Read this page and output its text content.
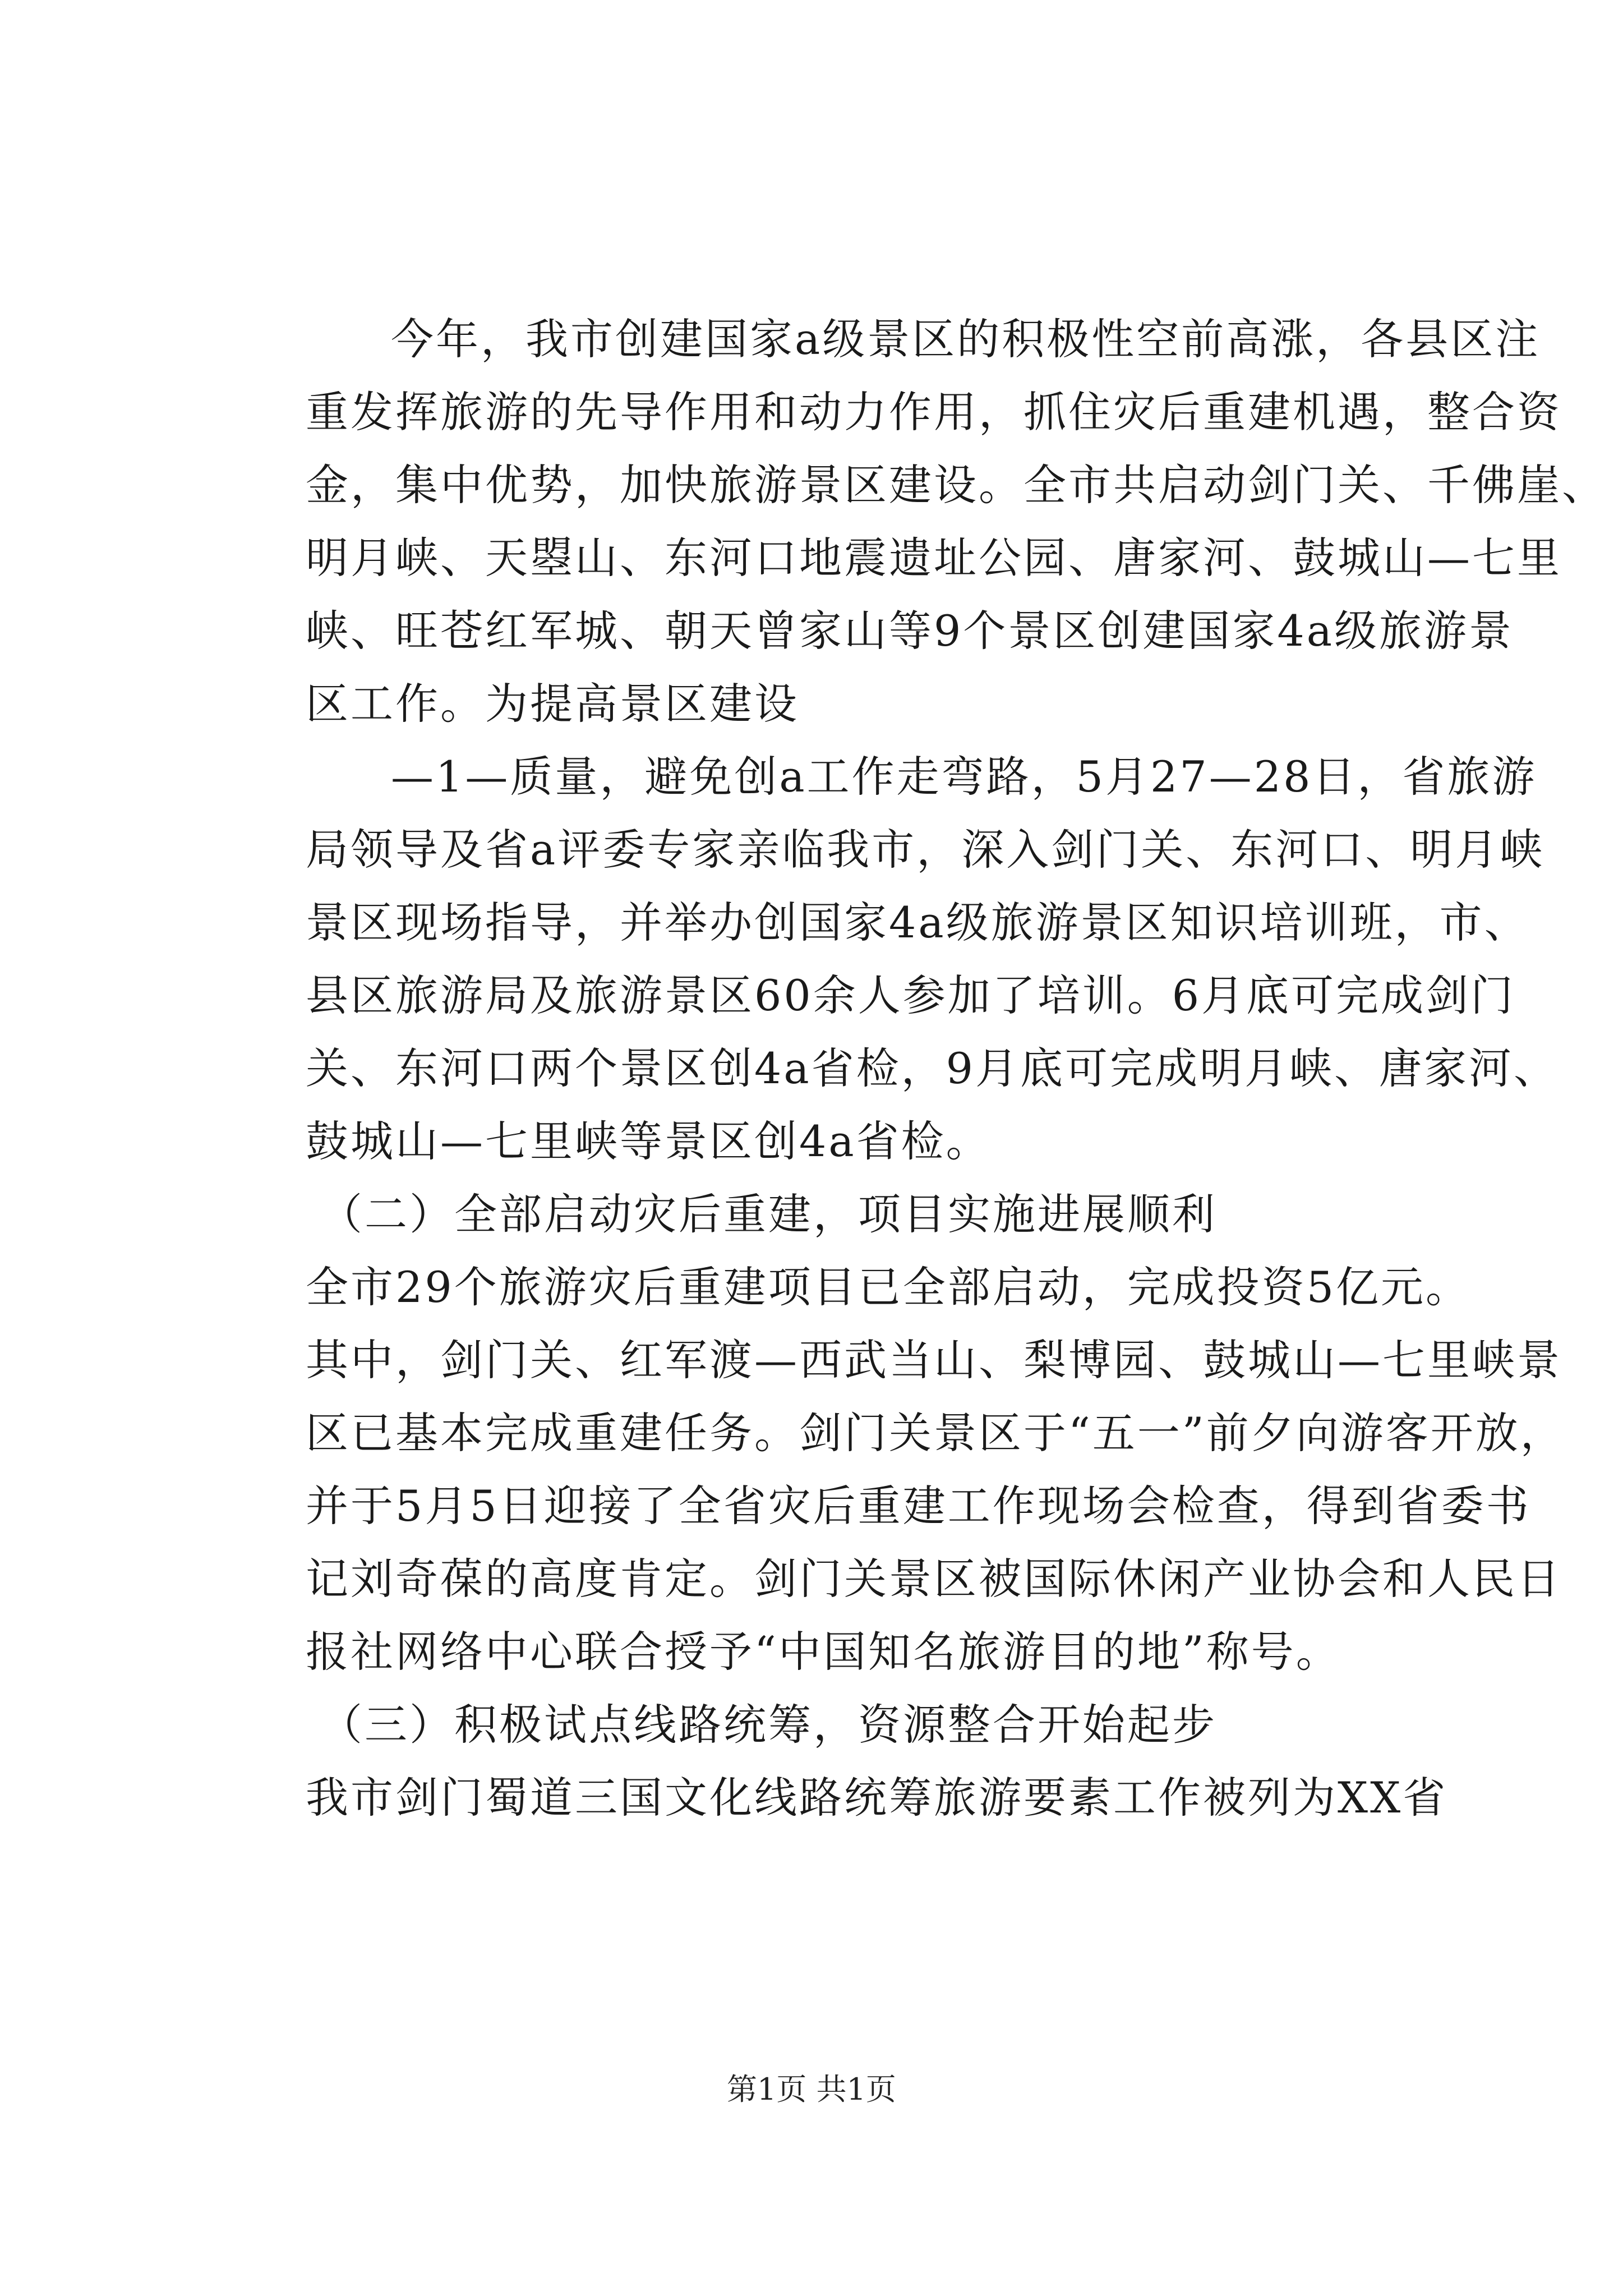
今年，我市创建国家a级景区的积极性空前高涨，各县区注
重发挥旅游的先导作用和动力作用，抓住灾后重建机遇，整合资
金，集中优势，加快旅游景区建设。全市共启动剑门关、千佛崖、
明月峡、天曌山、东河口地震遗址公园、唐家河、鼓城山—七里
峡、旺苍红军城、朝天曾家山等9个景区创建国家4a级旅游景
区工作。为提高景区建设
—1—质量，避免创a工作走弯路，5月27—28日，省旅游
局领导及省a评委专家亲临我市，深入剑门关、东河口、明月峡
景区现场指导，并举办创国家4a级旅游景区知识培训班，市、
县区旅游局及旅游景区60余人参加了培训。6月底可完成剑门
关、东河口两个景区创4a省检，9月底可完成明月峡、唐家河、
鼓城山—七里峡等景区创4a省检。
（二）全部启动灾后重建，项目实施进展顺利
全市29个旅游灾后重建项目已全部启动，完成投资5亿元。
其中，剑门关、红军渡—西武当山、梨博园、鼓城山—七里峡景
区已基本完成重建任务。剑门关景区于“五一”前夕向游客开放，
并于5月5日迎接了全省灾后重建工作现场会检查，得到省委书
记刘奇葆的高度肯定。剑门关景区被国际休闲产业协会和人民日
报社网络中心联合授予“中国知名旅游目的地”称号。
（三）积极试点线路统筹，资源整合开始起步
我市剑门蜀道三国文化线路统筹旅游要素工作被列为XX省
第1页 共1页
